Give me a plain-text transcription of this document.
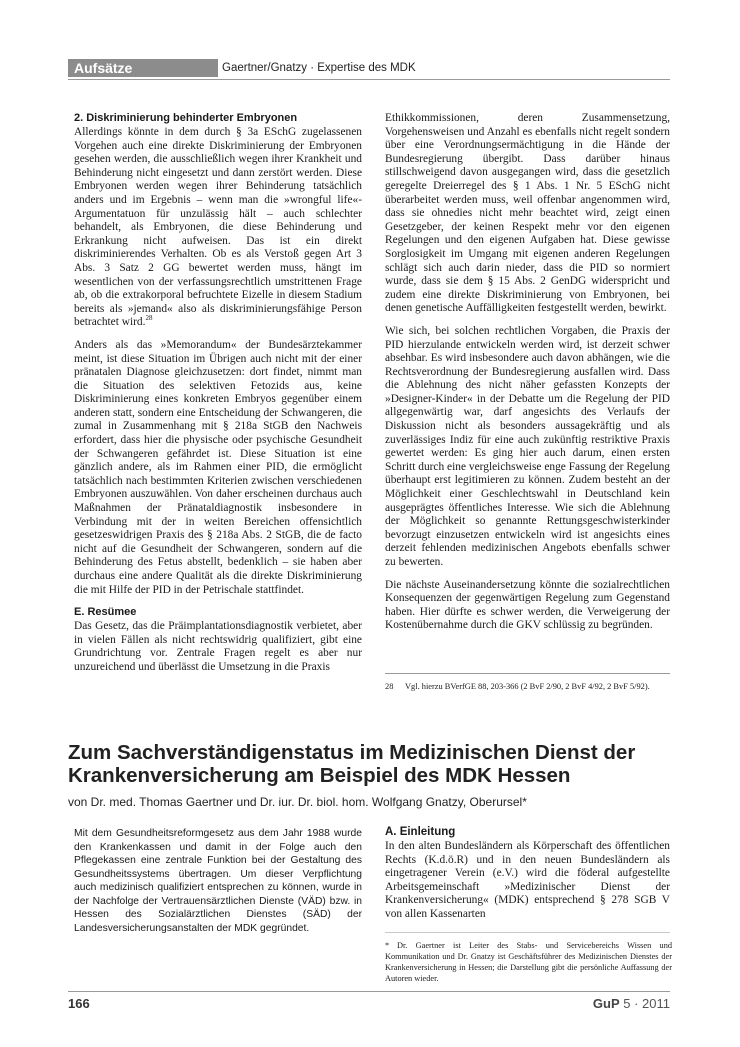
Aufsätze	Gaertner/Gnatzy · Expertise des MDK
2. Diskriminierung behinderter Embryonen

Allerdings könnte in dem durch § 3a ESchG zugelassenen Vorgehen auch eine direkte Diskriminierung der Embryonen gesehen werden, die ausschließlich wegen ihrer Krankheit und Behinderung nicht eingesetzt und dann zerstört werden. Diese Embryonen werden wegen ihrer Behinderung tatsächlich anders und im Ergebnis – wenn man die »wrongful life«-Argumentatuon für unzulässig hält – auch schlechter behandelt, als Embryonen, die diese Behinderung und Erkrankung nicht aufweisen. Das ist ein direkt diskriminierendes Verhalten. Ob es als Verstoß gegen Art 3 Abs. 3 Satz 2 GG bewertet werden muss, hängt im wesentlichen von der verfassungsrechtlich umstrittenen Frage ab, ob die extrakorporal befruchtete Eizelle in diesem Stadium bereits als »jemand« also als diskriminierungsfähige Person betrachtet wird.$^{28}$

Anders als das »Memorandum« der Bundesärztekammer meint, ist diese Situation im Übrigen auch nicht mit der einer pränatalen Diagnose gleichzusetzen: dort findet, nimmt man die Situation des selektiven Fetozids aus, keine Diskriminierung eines konkreten Embryos gegenüber einem anderen statt, sondern eine Entscheidung der Schwangeren, die zumal in Zusammenhang mit § 218a StGB den Nachweis erfordert, dass hier die physische oder psychische Gesundheit der Schwangeren gefährdet ist. Diese Situation ist eine gänzlich andere, als im Rahmen einer PID, die ermöglicht tatsächlich nach bestimmten Kriterien zwischen verschiedenen Embryonen auszuwählen. Von daher erscheinen durchaus auch Maßnahmen der Pränataldiagnostik insbesondere in Verbindung mit der in weiten Bereichen offensichtlich gesetzeswidrigen Praxis des § 218a Abs. 2 StGB, die de facto nicht auf die Gesundheit der Schwangeren, sondern auf die Behinderung des Fetus abstellt, bedenklich – sie haben aber durchaus eine andere Qualität als die direkte Diskriminierung die mit Hilfe der PID in der Petrischale stattfindet.

E. Resümee

Das Gesetz, das die Präimplantationsdiagnostik verbietet, aber in vielen Fällen als nicht rechtswidrig qualifiziert, gibt eine Grundrichtung vor. Zentrale Fragen regelt es aber nur unzureichend und überlässt die Umsetzung in die Praxis

Ethikkommissionen, deren Zusammensetzung, Vorgehensweisen und Anzahl es ebenfalls nicht regelt sondern über eine Verordnungsermächtigung in die Hände der Bundesregierung übergibt. Dass darüber hinaus stillschweigend davon ausgegangen wird, dass die gesetzlich geregelte Dreierregel des § 1 Abs. 1 Nr. 5 ESchG nicht überarbeitet werden muss, weil offenbar angenommen wird, dass sie ohnedies nicht mehr beachtet wird, zeigt einen Gesetzgeber, der keinen Respekt mehr vor den eigenen Regelungen und den eigenen Aufgaben hat. Diese gewisse Sorglosigkeit im Umgang mit eigenen anderen Regelungen schlägt sich auch darin nieder, dass die PID so normiert wurde, dass sie dem § 15 Abs. 2 GenDG widerspricht und zudem eine direkte Diskriminierung von Embryonen, bei denen genetische Auffälligkeiten festgestellt werden, bewirkt.

Wie sich, bei solchen rechtlichen Vorgaben, die Praxis der PID hierzulande entwickeln werden wird, ist derzeit schwer absehbar. Es wird insbesondere auch davon abhängen, wie die Rechtsverordnung der Bundesregierung ausfallen wird. Dass die Ablehnung des nicht näher gefassten Konzepts der »Designer-Kinder« in der Debatte um die Regelung der PID allgegenwärtig war, darf angesichts des Verlaufs der Diskussion nicht als besonders aussagekräftig und als zuverlässiges Indiz für eine auch zukünftig restriktive Praxis gewertet werden: Es ging hier auch darum, einen ersten Schritt durch eine vergleichsweise enge Fassung der Regelung überhaupt erst legitimieren zu können. Zudem besteht an der Möglichkeit einer Geschlechtswahl in Deutschland kein ausgeprägtes öffentliches Interesse. Wie sich die Ablehnung der Möglichkeit so genannte Rettungsgeschwisterkinder bevorzugt einzusetzen entwickeln wird ist angesichts eines derzeit fehlenden medizinischen Angebots ebenfalls schwer zu bewerten.

Die nächste Auseinandersetzung könnte die sozialrechtlichen Konsequenzen der gegenwärtigen Regelung zum Gegenstand haben. Hier dürfte es schwer werden, die Verweigerung der Kostenübernahme durch die GKV schlüssig zu begründen.

28 Vgl. hierzu BVerfGE 88, 203-366 (2 BvF 2/90, 2 BvF 4/92, 2 BvF 5/92).
Zum Sachverständigenstatus im Medizinischen Dienst der Krankenversicherung am Beispiel des MDK Hessen
von Dr. med. Thomas Gaertner und Dr. iur. Dr. biol. hom. Wolfgang Gnatzy, Oberursel*
Mit dem Gesundheitsreformgesetz aus dem Jahr 1988 wurde den Krankenkassen und damit in der Folge auch den Pflegekassen eine zentrale Funktion bei der Gestaltung des Gesundheitssystems übertragen. Um dieser Verpflichtung auch medizinisch qualifiziert entsprechen zu können, wurde in der Nachfolge der Vertrauensärztlichen Dienste (VÄD) bzw. in Hessen des Sozialärztlichen Dienstes (SÄD) der Landesversicherungsanstalten der MDK gegründet.
A. Einleitung

In den alten Bundesländern als Körperschaft des öffentlichen Rechts (K.d.ö.R) und in den neuen Bundesländern als eingetragener Verein (e.V.) wird die föderal aufgestellte Arbeitsgemeinschaft »Medizinischer Dienst der Krankenversicherung« (MDK) entsprechend § 278 SGB V von allen Kassenarten

* Dr. Gaertner ist Leiter des Stabs- und Servicebereichs Wissen und Kommunikation und Dr. Gnatzy ist Geschäftsführer des Medizinischen Dienstes der Krankenversicherung in Hessen; die Darstellung gibt die persönliche Auffassung der Autoren wieder.
166	GuP 5 · 2011
